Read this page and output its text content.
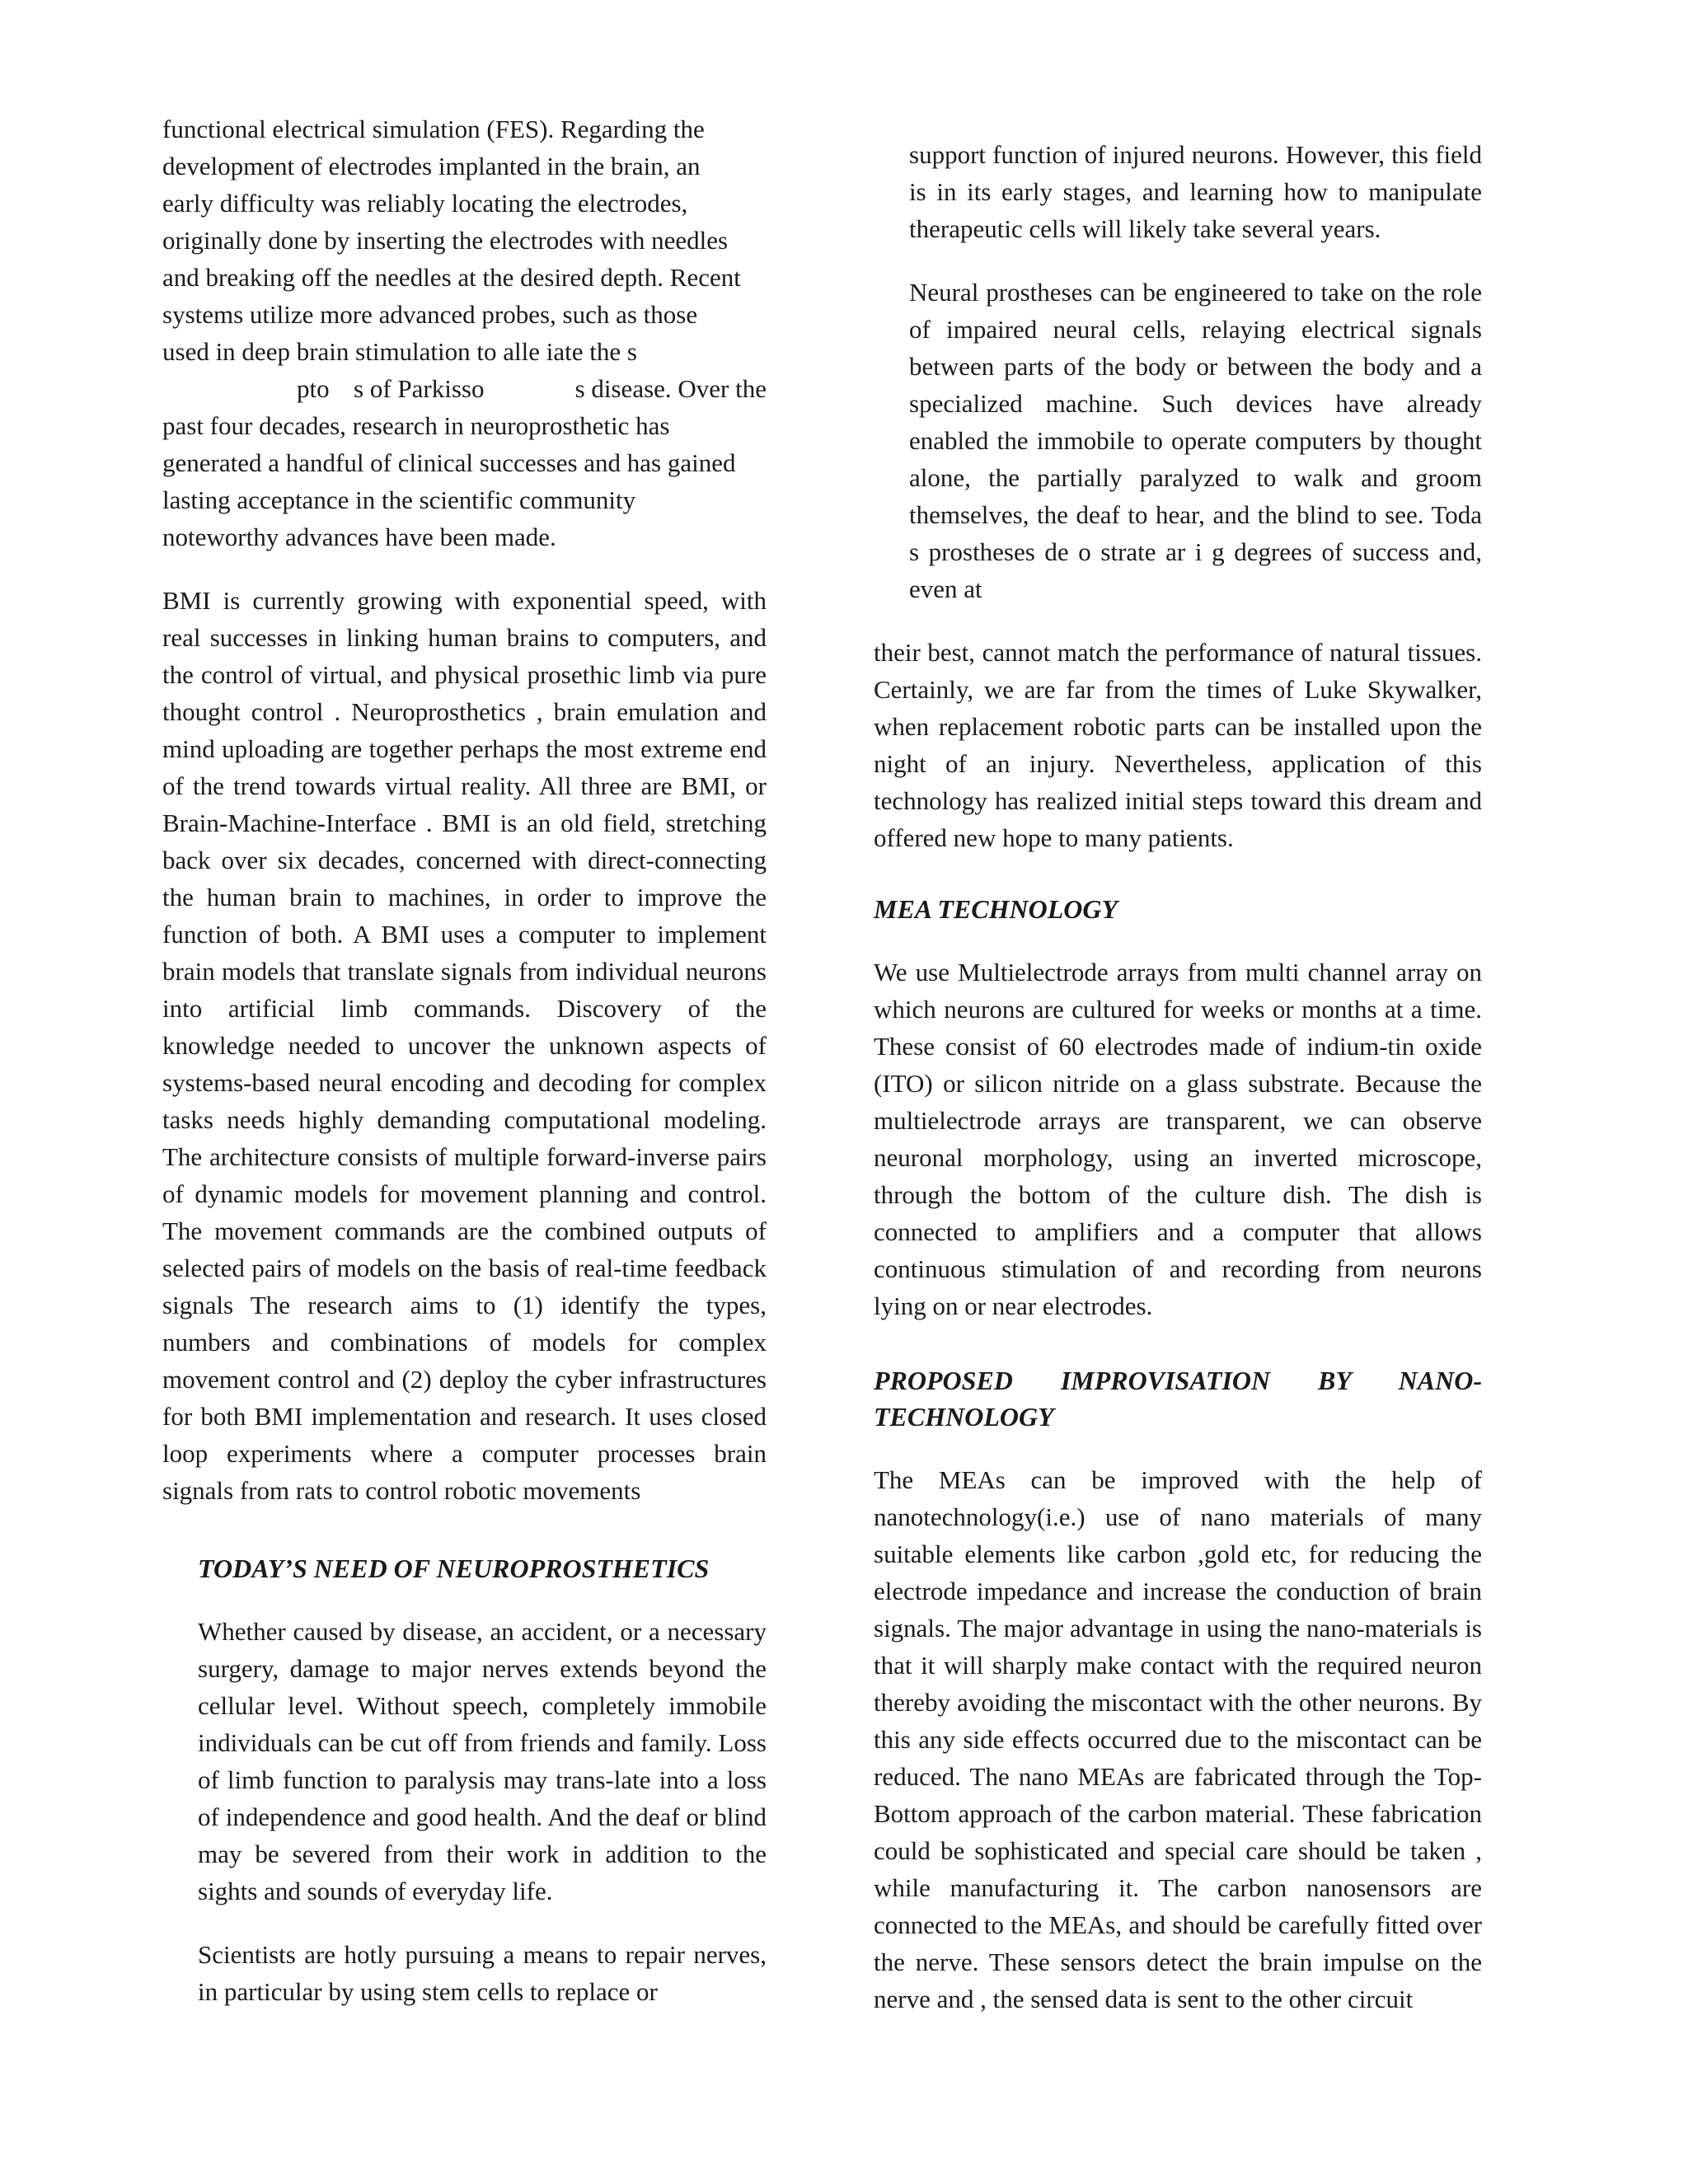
functional electrical simulation (FES). Regarding the
development of electrodes implanted in the brain, an
early difficulty was reliably locating the electrodes,
originally done by inserting the electrodes with needles
and breaking off the needles at the desired depth. Recent
systems utilize more advanced probes, such as those
used in deep brain stimulation to alle iate the s
pto s of Parkisso	s disease. Over the
past four decades, research in neuroprosthetic has
generated a handful of clinical successes and has gained
lasting acceptance in the scientific community
noteworthy advances have been made.

BMI is currently growing with exponential speed, with real successes in linking human brains to computers, and the control of virtual, and physical prosethic limb via pure thought control . Neuroprosthetics , brain emulation and mind uploading are together perhaps the most extreme end of the trend towards virtual reality. All three are BMI, or Brain-Machine-Interface . BMI is an old field, stretching back over six decades, concerned with direct-connecting the human brain to machines, in order to improve the function of both. A BMI uses a computer to implement brain models that translate signals from individual neurons into artificial limb commands. Discovery of the knowledge needed to uncover the unknown aspects of systems-based neural encoding and decoding for complex tasks needs highly demanding computational modeling. The architecture consists of multiple forward-inverse pairs of dynamic models for movement planning and control. The movement commands are the combined outputs of selected pairs of models on the basis of real-time feedback signals The research aims to (1) identify the types, numbers and combinations of models for complex movement control and (2) deploy the cyber infrastructures for both BMI implementation and research. It uses closed loop experiments where a computer processes brain signals from rats to control robotic movements

TODAY’S NEED OF NEUROPROSTHETICS

Whether caused by disease, an accident, or a necessary surgery, damage to major nerves extends beyond the cellular level. Without speech, completely immobile individuals can be cut off from friends and family. Loss of limb function to paralysis may trans-late into a loss of independence and good health. And the deaf or blind may be severed from their work in addition to the sights and sounds of everyday life.

Scientists are hotly pursuing a means to repair nerves, in particular by using stem cells to replace or

support function of injured neurons. However, this field is in its early stages, and learning how to manipulate therapeutic cells will likely take several years.

Neural prostheses can be engineered to take on the role of impaired neural cells, relaying electrical signals between parts of the body or between the body and a specialized machine. Such devices have already enabled the immobile to operate computers by thought alone, the partially paralyzed to walk and groom themselves, the deaf to hear, and the blind to see. Toda s prostheses de o strate ar i g degrees of success and, even at

their best, cannot match the performance of natural tissues. Certainly, we are far from the times of Luke Skywalker, when replacement robotic parts can be installed upon the night of an injury. Nevertheless, application of this technology has realized initial steps toward this dream and offered new hope to many patients.

MEA TECHNOLOGY

We use Multielectrode arrays from multi channel array on which neurons are cultured for weeks or months at a time. These consist of 60 electrodes made of indium-tin oxide (ITO) or silicon nitride on a glass substrate. Because the multielectrode arrays are transparent, we can observe neuronal morphology, using an inverted microscope, through the bottom of the culture dish. The dish is connected to amplifiers and a computer that allows continuous stimulation of and recording from neurons lying on or near electrodes.

PROPOSED IMPROVISATION BY NANO-TECHNOLOGY

The MEAs can be improved with the help of nanotechnology(i.e.) use of nano materials of many suitable elements like carbon ,gold etc, for reducing the electrode impedance and increase the conduction of brain signals. The major advantage in using the nano-materials is that it will sharply make contact with the required neuron thereby avoiding the miscontact with the other neurons. By this any side effects occurred due to the miscontact can be reduced. The nano MEAs are fabricated through the Top-Bottom approach of the carbon material. These fabrication could be sophisticated and special care should be taken , while manufacturing it. The carbon nanosensors are connected to the MEAs, and should be carefully fitted over the nerve. These sensors detect the brain impulse on the nerve and , the sensed data is sent to the other circuit
